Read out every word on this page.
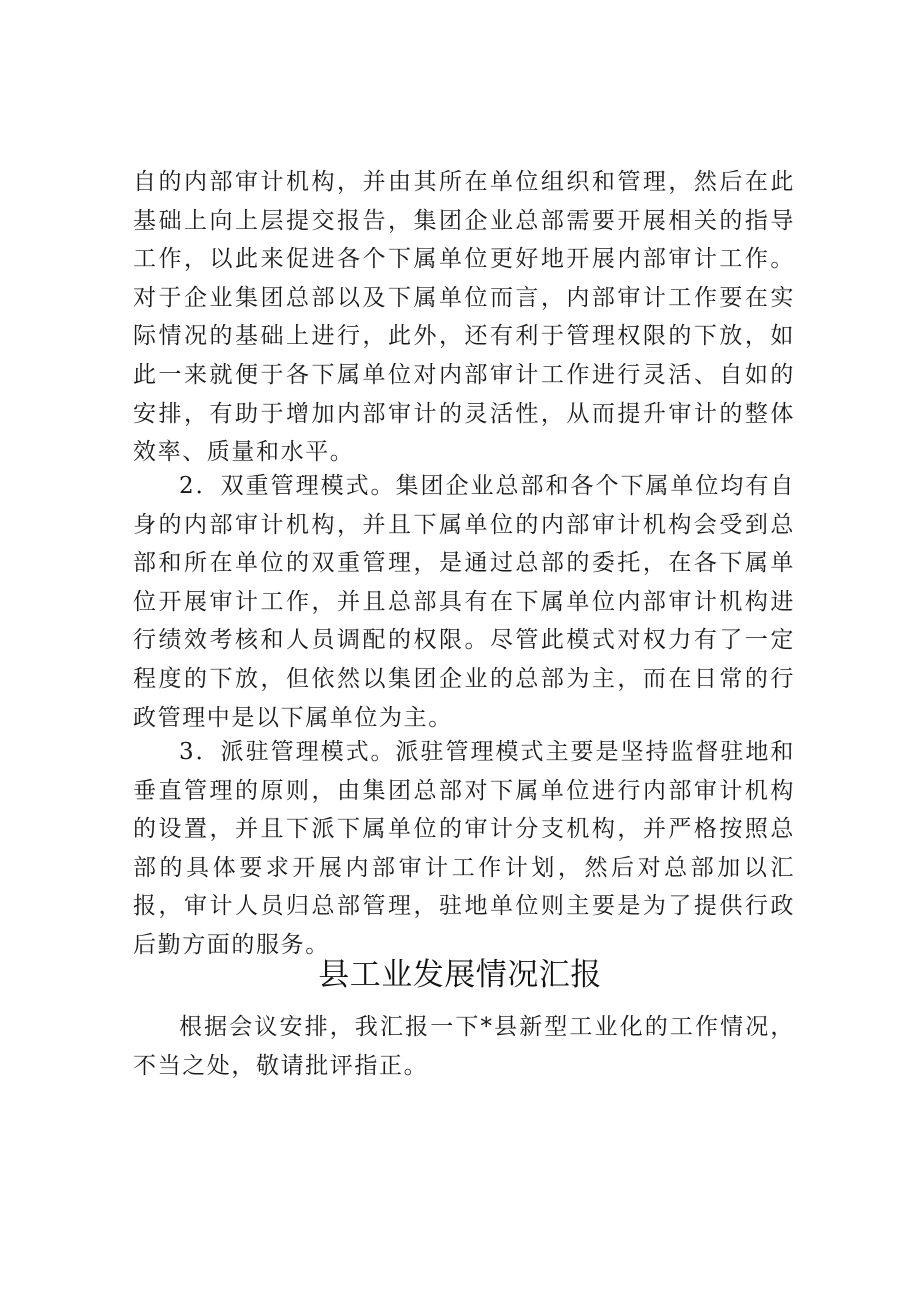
自的内部审计机构，并由其所在单位组织和管理，然后在此基础上向上层提交报告，集团企业总部需要开展相关的指导工作，以此来促进各个下属单位更好地开展内部审计工作。对于企业集团总部以及下属单位而言，内部审计工作要在实际情况的基础上进行，此外，还有利于管理权限的下放，如此一来就便于各下属单位对内部审计工作进行灵活、自如的安排，有助于增加内部审计的灵活性，从而提升审计的整体效率、质量和水平。

2．双重管理模式。集团企业总部和各个下属单位均有自身的内部审计机构，并且下属单位的内部审计机构会受到总部和所在单位的双重管理，是通过总部的委托，在各下属单位开展审计工作，并且总部具有在下属单位内部审计机构进行绩效考核和人员调配的权限。尽管此模式对权力有了一定程度的下放，但依然以集团企业的总部为主，而在日常的行政管理中是以下属单位为主。

3．派驻管理模式。派驻管理模式主要是坚持监督驻地和垂直管理的原则，由集团总部对下属单位进行内部审计机构的设置，并且下派下属单位的审计分支机构，并严格按照总部的具体要求开展内部审计工作计划，然后对总部加以汇报，审计人员归总部管理，驻地单位则主要是为了提供行政后勤方面的服务。

县工业发展情况汇报

根据会议安排，我汇报一下*县新型工业化的工作情况，不当之处，敬请批评指正。
